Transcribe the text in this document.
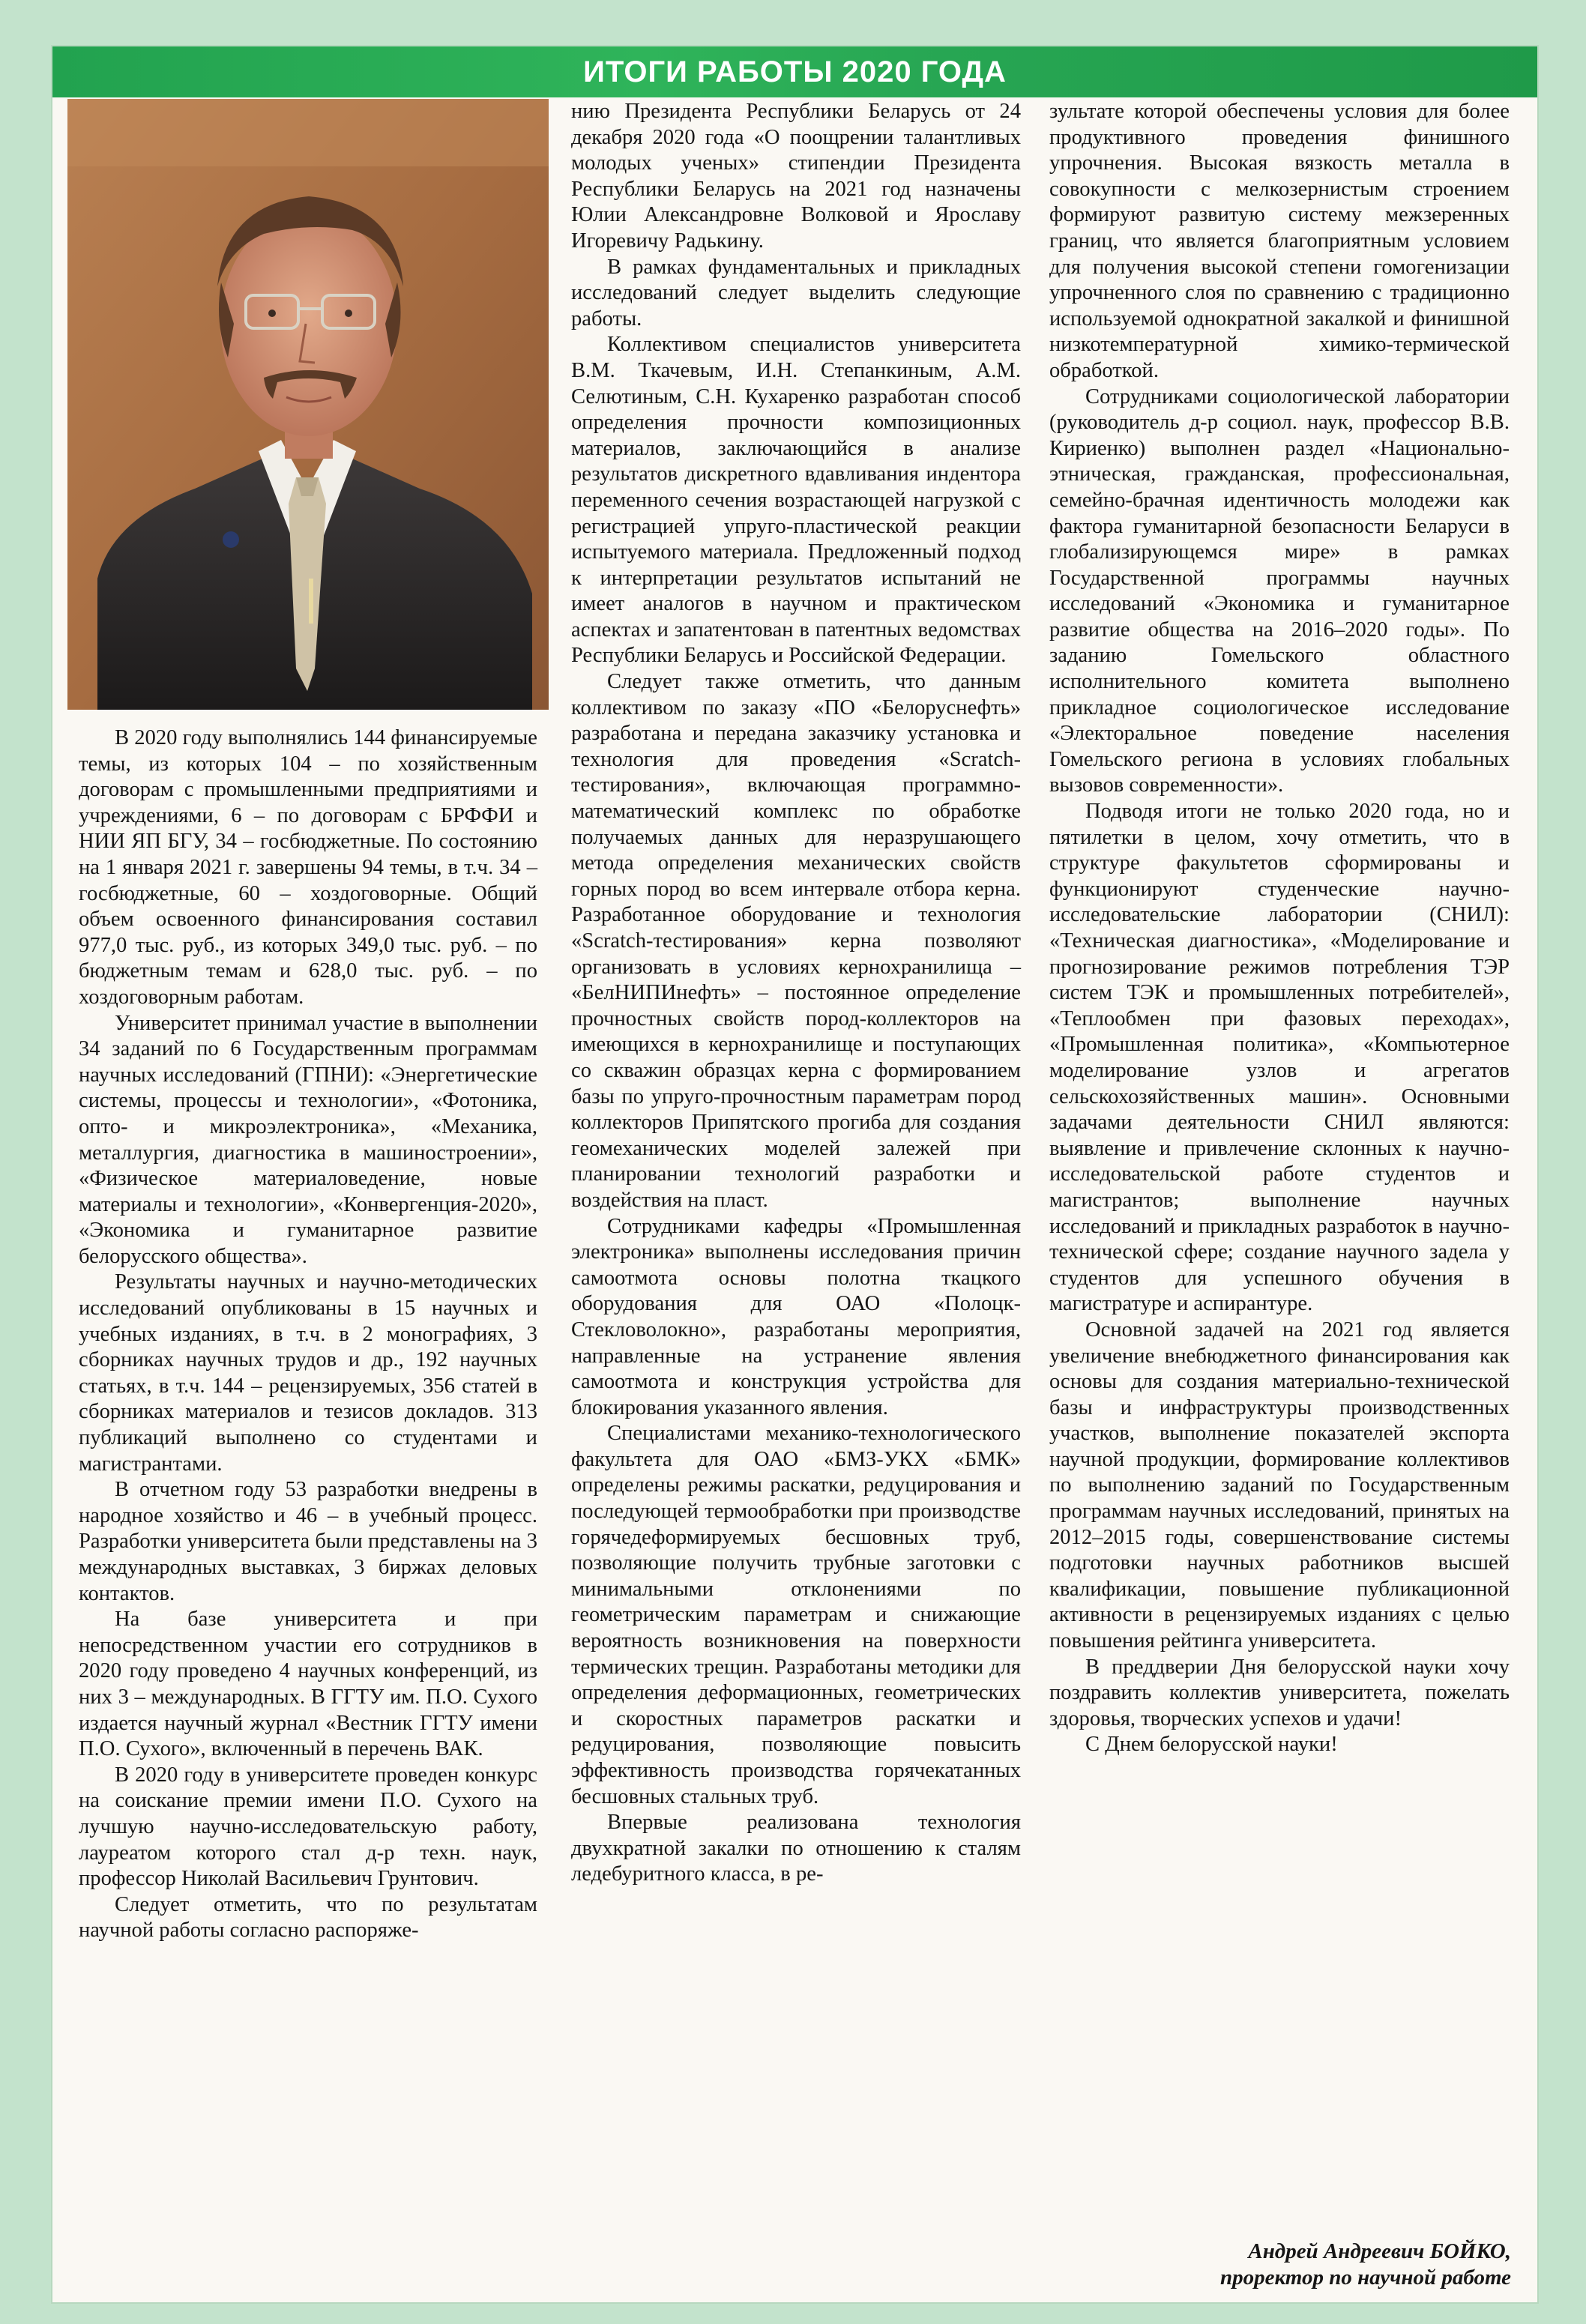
ИТОГИ РАБОТЫ 2020 ГОДА

В 2020 году выполнялись 144 финансируемые темы, из которых 104 – по хозяйственным договорам с промышленными предприятиями и учреждениями, 6 – по договорам с БРФФИ и НИИ ЯП БГУ, 34 – госбюджетные. По состоянию на 1 января 2021 г. завершены 94 темы, в т.ч. 34 – госбюджетные, 60 – хоздоговорные. Общий объем освоенного финансирования составил 977,0 тыс. руб., из которых 349,0 тыс. руб. – по бюджетным темам и 628,0 тыс. руб. – по хоздоговорным работам.

Университет принимал участие в выполнении 34 заданий по 6 Государственным программам научных исследований (ГПНИ): «Энергетические системы, процессы и технологии», «Фотоника, опто- и микроэлектроника», «Механика, металлургия, диагностика в машиностроении», «Физическое материаловедение, новые материалы и технологии», «Конвергенция-2020», «Экономика и гуманитарное развитие белорусского общества».

Результаты научных и научно-методических исследований опубликованы в 15 научных и учебных изданиях, в т.ч. в 2 монографиях, 3 сборниках научных трудов и др., 192 научных статьях, в т.ч. 144 – рецензируемых, 356 статей в сборниках материалов и тезисов докладов. 313 публикаций выполнено со студентами и магистрантами.

В отчетном году 53 разработки внедрены в народное хозяйство и 46 – в учебный процесс. Разработки университета были представлены на 3 международных выставках, 3 биржах деловых контактов.

На базе университета и при непосредственном участии его сотрудников в 2020 году проведено 4 научных конференций, из них 3 – международных. В ГГТУ им. П.О. Сухого издается научный журнал «Вестник ГГТУ имени П.О. Сухого», включенный в перечень ВАК.

В 2020 году в университете проведен конкурс на соискание премии имени П.О. Сухого на лучшую научно-исследовательскую работу, лауреатом которого стал д-р техн. наук, профессор Николай Васильевич Грунтович.

Следует отметить, что по результатам научной работы согласно распоряже-

нию Президента Республики Беларусь от 24 декабря 2020 года «О поощрении талантливых молодых ученых» стипендии Президента Республики Беларусь на 2021 год назначены Юлии Александровне Волковой и Ярославу Игоревичу Радькину.

В рамках фундаментальных и прикладных исследований следует выделить следующие работы.

Коллективом специалистов университета В.М. Ткачевым, И.Н. Степанкиным, А.М. Селютиным, С.Н. Кухаренко разработан способ определения прочности композиционных материалов, заключающийся в анализе результатов дискретного вдавливания индентора переменного сечения возрастающей нагрузкой с регистрацией упруго-пластической реакции испытуемого материала. Предложенный подход к интерпретации результатов испытаний не имеет аналогов в научном и практическом аспектах и запатентован в патентных ведомствах Республики Беларусь и Российской Федерации.

Следует также отметить, что данным коллективом по заказу «ПО «Белоруснефть» разработана и передана заказчику установка и технология для проведения «Scratch-тестирования», включающая программно-математический комплекс по обработке получаемых данных для неразрушающего метода определения механических свойств горных пород во всем интервале отбора керна. Разработанное оборудование и технология «Scratch-тестирования» керна позволяют организовать в условиях кернохранилища – «БелНИПИнефть» – постоянное определение прочностных свойств пород-коллекторов на имеющихся в кернохранилище и поступающих со скважин образцах керна с формированием базы по упруго-прочностным параметрам пород коллекторов Припятского прогиба для создания геомеханических моделей залежей при планировании технологий разработки и воздействия на пласт.

Сотрудниками кафедры «Промышленная электроника» выполнены исследования причин самоотмота основы полотна ткацкого оборудования для ОАО «Полоцк-Стекловолокно», разработаны мероприятия, направленные на устранение явления самоотмота и конструкция устройства для блокирования указанного явления.

Специалистами механико-технологического факультета для ОАО «БМЗ-УКХ «БМК» определены режимы раскатки, редуцирования и последующей термообработки при производстве горячедеформируемых бесшовных труб, позволяющие получить трубные заготовки с минимальными отклонениями по геометрическим параметрам и снижающие вероятность возникновения на поверхности термических трещин. Разработаны методики для определения деформационных, геометрических и скоростных параметров раскатки и редуцирования, позволяющие повысить эффективность производства горячекатанных бесшовных стальных труб.

Впервые реализована технология двухкратной закалки по отношению к сталям ледебуритного класса, в ре-

зультате которой обеспечены условия для более продуктивного проведения финишного упрочнения. Высокая вязкость металла в совокупности с мелкозернистым строением формируют развитую систему межзеренных границ, что является благоприятным условием для получения высокой степени гомогенизации упрочненного слоя по сравнению с традиционно используемой однократной закалкой и финишной низкотемпературной химико-термической обработкой.

Сотрудниками социологической лаборатории (руководитель д-р социол. наук, профессор В.В. Кириенко) выполнен раздел «Национально-этническая, гражданская, профессиональная, семейно-брачная идентичность молодежи как фактора гуманитарной безопасности Беларуси в глобализирующемся мире» в рамках Государственной программы научных исследований «Экономика и гуманитарное развитие общества на 2016–2020 годы». По заданию Гомельского областного исполнительного комитета выполнено прикладное социологическое исследование «Электоральное поведение населения Гомельского региона в условиях глобальных вызовов современности».

Подводя итоги не только 2020 года, но и пятилетки в целом, хочу отметить, что в структуре факультетов сформированы и функционируют студенческие научно-исследовательские лаборатории (СНИЛ): «Техническая диагностика», «Моделирование и прогнозирование режимов потребления ТЭР систем ТЭК и промышленных потребителей», «Теплообмен при фазовых переходах», «Промышленная политика», «Компьютерное моделирование узлов и агрегатов сельскохозяйственных машин». Основными задачами деятельности СНИЛ являются: выявление и привлечение склонных к научно-исследовательской работе студентов и магистрантов; выполнение научных исследований и прикладных разработок в научно-технической сфере; создание научного задела у студентов для успешного обучения в магистратуре и аспирантуре.

Основной задачей на 2021 год является увеличение внебюджетного финансирования как основы для создания материально-технической базы и инфраструктуры производственных участков, выполнение показателей экспорта научной продукции, формирование коллективов по выполнению заданий по Государственным программам научных исследований, принятых на 2012–2015 годы, совершенствование системы подготовки научных работников высшей квалификации, повышение публикационной активности в рецензируемых изданиях с целью повышения рейтинга университета.

В преддверии Дня белорусской науки хочу поздравить коллектив университета, пожелать здоровья, творческих успехов и удачи!

С Днем белорусской науки!

Андрей Андреевич БОЙКО,
проректор по научной работе
